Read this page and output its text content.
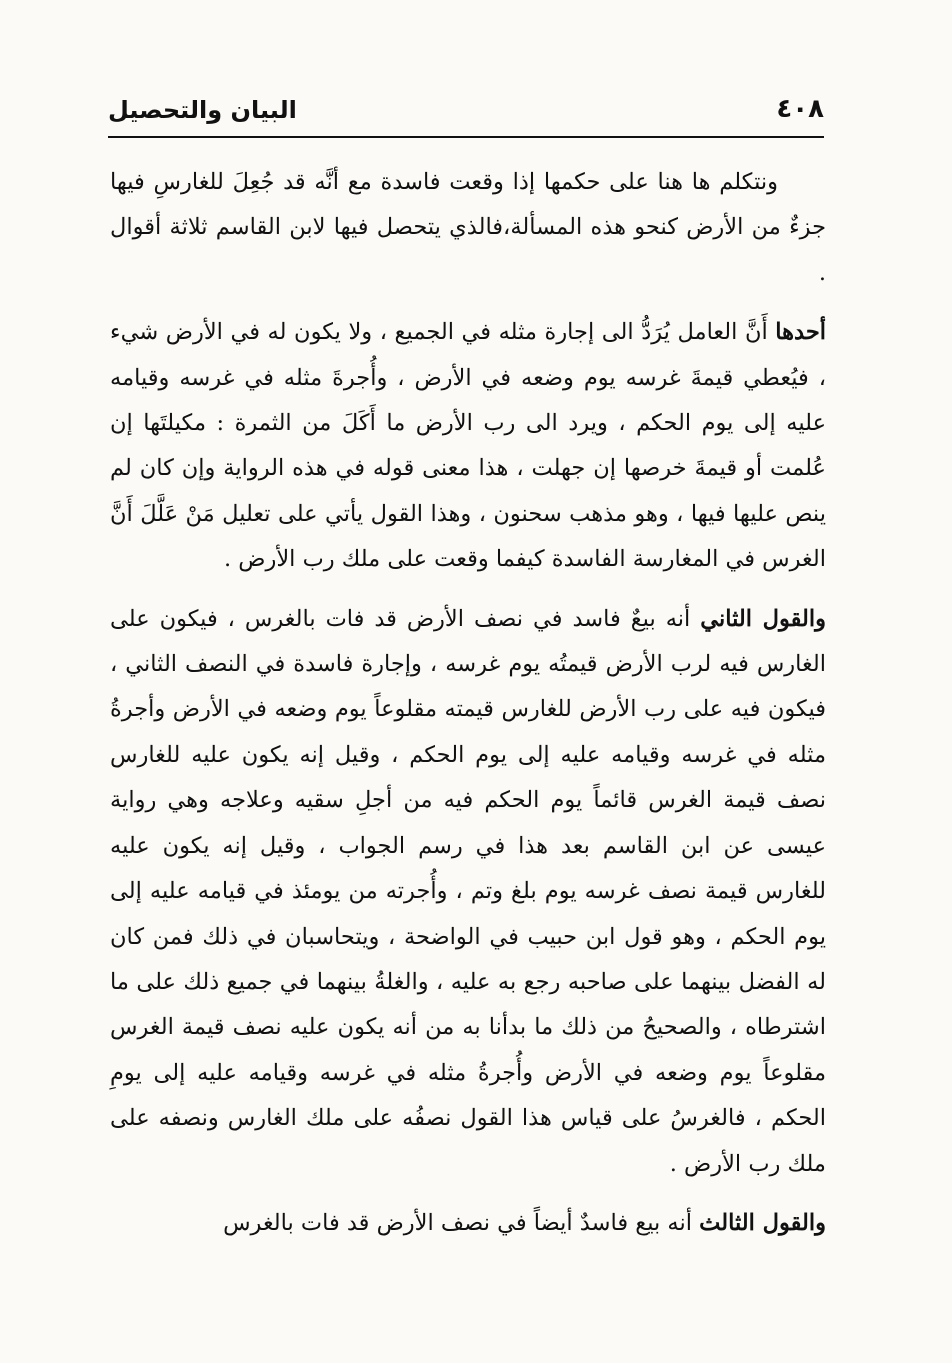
٤٠٨
البيان والتحصيل

ونتكلم ها هنا على حكمها إذا وقعت فاسدة مع أنَّه قد جُعِلَ للغارسِ فيها جزءٌ من الأرض كنحو هذه المسألة،فالذي يتحصل فيها لابن القاسم ثلاثة أقوال .

أحدها أَنَّ العامل يُرَدُّ الى إجارة مثله في الجميع ، ولا يكون له في الأرض شيء ، فيُعطي قيمةَ غرسه يوم وضعه في الأرض ، وأُجرةَ مثله في غرسه وقيامه عليه إلى يوم الحكم ، ويرد الى رب الأرض ما أَكَلَ من الثمرة : مكيلتَها إن عُلمت أو قيمةَ خرصها إن جهلت ، هذا معنى قوله في هذه الرواية وإن كان لم ينص عليها فيها ، وهو مذهب سحنون ، وهذا القول يأتي على تعليل مَنْ عَلَّلَ أَنَّ الغرس في المغارسة الفاسدة كيفما وقعت على ملك رب الأرض .

والقول الثاني أنه بيعٌ فاسد في نصف الأرض قد فات بالغرس ، فيكون على الغارس فيه لرب الأرض قيمتُه يوم غرسه ، وإجارة فاسدة في النصف الثاني ، فيكون فيه على رب الأرض للغارس قيمته مقلوعاً يوم وضعه في الأرض وأجرةُ مثله في غرسه وقيامه عليه إلى يوم الحكم ، وقيل إنه يكون عليه للغارس نصف قيمة الغرس قائماً يوم الحكم فيه من أجلِ سقيه وعلاجه وهي رواية عيسى عن ابن القاسم بعد هذا في رسم الجواب ، وقيل إنه يكون عليه للغارس قيمة نصف غرسه يوم بلغ وتم ، وأُجرته من يومئذ في قيامه عليه إلى يوم الحكم ، وهو قول ابن حبيب في الواضحة ، ويتحاسبان في ذلك فمن كان له الفضل بينهما على صاحبه رجع به عليه ، والغلةُ بينهما في جميع ذلك على ما اشترطاه ، والصحيحُ من ذلك ما بدأنا به من أنه يكون عليه نصف قيمة الغرس مقلوعاً يوم وضعه في الأرض وأُجرةُ مثله في غرسه وقيامه عليه إلى يومِ الحكم ، فالغرسُ على قياس هذا القول نصفُه على ملك الغارس ونصفه على ملك رب الأرض .

والقول الثالث أنه بيع فاسدٌ أيضاً في نصف الأرض قد فات بالغرس
